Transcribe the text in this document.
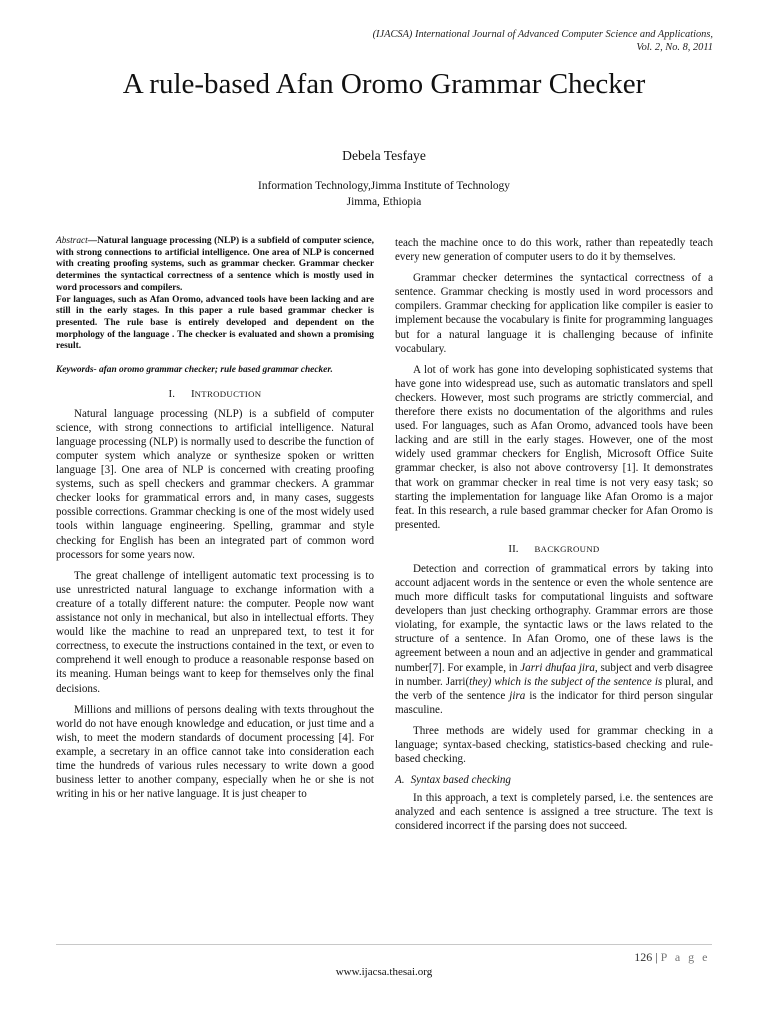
(IJACSA) International Journal of Advanced Computer Science and Applications,
Vol. 2, No. 8, 2011
A rule-based Afan Oromo Grammar Checker
Debela Tesfaye
Information Technology,Jimma Institute of Technology
Jimma, Ethiopia

Abstract—Natural language processing (NLP) is a subfield of computer science, with strong connections to artificial intelligence. One area of NLP is concerned with creating proofing systems, such as grammar checker. Grammar checker determines the syntactical correctness of a sentence which is mostly used in word processors and compilers.

For languages, such as Afan Oromo, advanced tools have been lacking and are still in the early stages. In this paper a rule based grammar checker is presented. The rule base is entirely developed and dependent on the morphology of the language . The checker is evaluated and shown a promising result.

Keywords- afan oromo grammar checker; rule based grammar checker.

I. INTRODUCTION

Natural language processing (NLP) is a subfield of computer science, with strong connections to artificial intelligence. Natural language processing (NLP) is normally used to describe the function of computer system which analyze or synthesize spoken or written language [3]. One area of NLP is concerned with creating proofing systems, such as spell checkers and grammar checkers. A grammar checker looks for grammatical errors and, in many cases, suggests possible corrections. Grammar checking is one of the most widely used tools within language engineering. Spelling, grammar and style checking for English has been an integrated part of common word processors for some years now.

The great challenge of intelligent automatic text processing is to use unrestricted natural language to exchange information with a creature of a totally different nature: the computer. People now want assistance not only in mechanical, but also in intellectual efforts. They would like the machine to read an unprepared text, to test it for correctness, to execute the instructions contained in the text, or even to comprehend it well enough to produce a reasonable response based on its meaning. Human beings want to keep for themselves only the final decisions.

Millions and millions of persons dealing with texts throughout the world do not have enough knowledge and education, or just time and a wish, to meet the modern standards of document processing [4]. For example, a secretary in an office cannot take into consideration each time the hundreds of various rules necessary to write down a good business letter to another company, especially when he or she is not writing in his or her native language. It is just cheaper to

teach the machine once to do this work, rather than repeatedly teach every new generation of computer users to do it by themselves.

Grammar checker determines the syntactical correctness of a sentence. Grammar checking is mostly used in word processors and compilers. Grammar checking for application like compiler is easier to implement because the vocabulary is finite for programming languages but for a natural language it is challenging because of infinite vocabulary.

A lot of work has gone into developing sophisticated systems that have gone into widespread use, such as automatic translators and spell checkers. However, most such programs are strictly commercial, and therefore there exists no documentation of the algorithms and rules used. For languages, such as Afan Oromo, advanced tools have been lacking and are still in the early stages. However, one of the most widely used grammar checkers for English, Microsoft Office Suite grammar checker, is also not above controversy [1]. It demonstrates that work on grammar checker in real time is not very easy task; so starting the implementation for language like Afan Oromo is a major feat. In this research, a rule based grammar checker for Afan Oromo is presented.

II. BACKGROUND

Detection and correction of grammatical errors by taking into account adjacent words in the sentence or even the whole sentence are much more difficult tasks for computational linguists and software developers than just checking orthography. Grammar errors are those violating, for example, the syntactic laws or the laws related to the structure of a sentence. In Afan Oromo, one of these laws is the agreement between a noun and an adjective in gender and grammatical number[7]. For example, in Jarri dhufaa jira, subject and verb disagree in number. Jarri(they) which is the subject of the sentence is plural, and the verb of the sentence jira is the indicator for third person singular masculine.

Three methods are widely used for grammar checking in a language; syntax-based checking, statistics-based checking and rule-based checking.

A. Syntax based checking

In this approach, a text is completely parsed, i.e. the sentences are analyzed and each sentence is assigned a tree structure. The text is considered incorrect if the parsing does not succeed.

126 | P a g e
www.ijacsa.thesai.org
